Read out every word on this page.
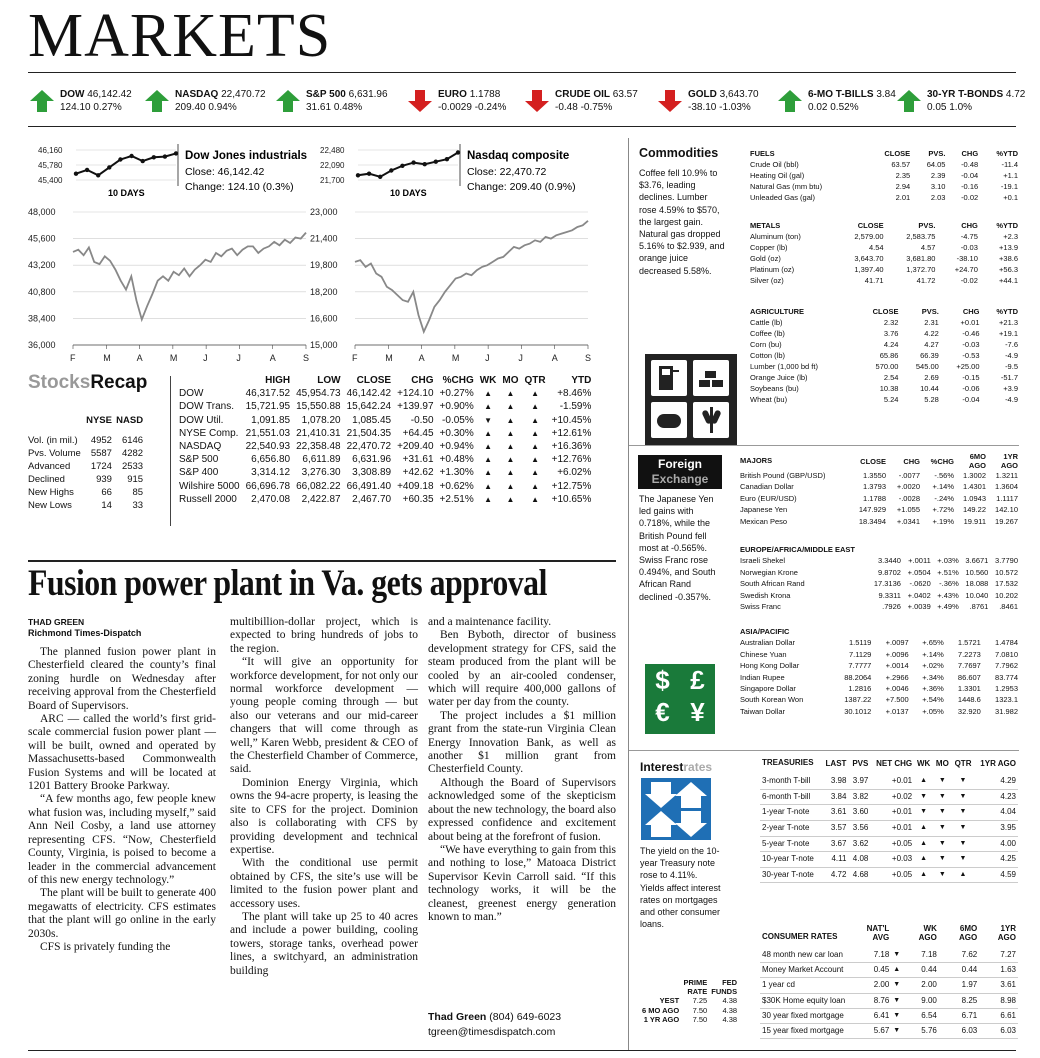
MARKETS
DOW 46,142.42
124.10 0.27%
NASDAQ 22,470.72
209.40 0.94%
S&P 500 6,631.96
31.61 0.48%
EURO 1.1788
-0.0029 -0.24%
CRUDE OIL 63.57
-0.48 -0.75%
GOLD 3,643.70
-38.10 -1.03%
6-MO T-BILLS 3.84
0.02 0.52%
30-YR T-BONDS 4.72
0.05 1.0%
48,000
45,600
43,200
40,800
38,400
36,000
F	M	A	M	J	J	A	S
46,160
45,780
45,400
10 DAYS
Dow Jones industrials
Close: 46,142.42
Change: 124.10 (0.3%)
23,000
21,400
19,800
18,200
16,600
15,000
F	M	A	M	J	J	A	S
22,480
22,090
21,700
10 DAYS
Nasdaq composite
Close: 22,470.72
Change: 209.40 (0.9%)
StocksRecap
	NYSE	NASD

Vol. (in mil.)	4952	6146
Pvs. Volume	5587	4282
Advanced	1724	2533
Declined	939	915
New Highs	66	85
New Lows	14	33
	HIGH	LOW	CLOSE	CHG	%CHG	WK	MO	QTR	YTD
DOW	46,317.52	45,954.73	46,142.42	+124.10	+0.27%	▲	▲	▲	+8.46%
DOW Trans.	15,721.95	15,550.88	15,642.24	+139.97	+0.90%	▲	▲	▲	-1.59%
DOW Util.	1,091.85	1,078.20	1,085.45	-0.50	-0.05%	▼	▲	▲	+10.45%
NYSE Comp.	21,551.03	21,410.31	21,504.35	+64.45	+0.30%	▲	▲	▲	+12.61%
NASDAQ	22,540.93	22,358.48	22,470.72	+209.40	+0.94%	▲	▲	▲	+16.36%
S&P 500	6,656.80	6,611.89	6,631.96	+31.61	+0.48%	▲	▲	▲	+12.76%
S&P 400	3,314.12	3,276.30	3,308.89	+42.62	+1.30%	▲	▲	▲	+6.02%
Wilshire 5000	66,696.78	66,082.22	66,491.40	+409.18	+0.62%	▲	▲	▲	+12.75%
Russell 2000	2,470.08	2,422.87	2,467.70	+60.35	+2.51%	▲	▲	▲	+10.65%
Fusion power plant in Va. gets approval
THAD GREEN
Richmond Times-Dispatch

The planned fusion power plant in Chesterfield cleared the county’s final zoning hurdle on Wednesday after receiving approval from the Chesterfield Board of Supervisors.

ARC — called the world’s first grid-scale commercial fusion power plant — will be built, owned and operated by Massachusetts-based Commonwealth Fusion Systems and will be located at 1201 Battery Brooke Parkway.

“A few months ago, few people knew what fusion was, including myself,” said Ann Neil Cosby, a land use attorney representing CFS. “Now, Chesterfield County, Virginia, is poised to become a leader in the commercial advancement of this new energy technology.”

The plant will be built to generate 400 megawatts of electricity. CFS estimates that the plant will go online in the early 2030s.

CFS is privately funding the

multibillion-dollar project, which is expected to bring hundreds of jobs to the region.

“It will give an opportunity for workforce development, for not only our normal workforce development — young people coming through — but also our veterans and our mid-career changers that will come through as well,” Karen Webb, president & CEO of the Chesterfield Chamber of Commerce, said.

Dominion Energy Virginia, which owns the 94-acre property, is leasing the site to CFS for the project. Dominion also is collaborating with CFS by providing development and technical expertise.

With the conditional use permit obtained by CFS, the site’s use will be limited to the fusion power plant and accessory uses.

The plant will take up 25 to 40 acres and include a power building, cooling towers, storage tanks, overhead power lines, a switchyard, an administration building

and a maintenance facility.

Ben Byboth, director of business development strategy for CFS, said the steam produced from the plant will be cooled by an air-cooled condenser, which will require 400,000 gallons of water per day from the county.

The project includes a $1 million grant from the state-run Virginia Clean Energy Innovation Bank, as well as another $1 million grant from Chesterfield County.

Although the Board of Supervisors acknowledged some of the skepticism about the new technology, the board also expressed confidence and excitement about being at the forefront of fusion.

“We have everything to gain from this and nothing to lose,” Matoaca District Supervisor Kevin Carroll said. “If this technology works, it will be the cleanest, greenest energy generation known to man.”

Thad Green (804) 649-6023
tgreen@timesdispatch.com
Commodities
Coffee fell 10.9% to $3.76, leading declines. Lumber rose 4.59% to $570, the largest gain. Natural gas dropped 5.16% to $2.939, and orange juice decreased 5.58%.
FUELS	CLOSE	PVS.	CHG	%YTD
Crude Oil (bbl)	63.57	64.05	-0.48	-11.4
Heating Oil (gal)	2.35	2.39	-0.04	+1.1
Natural Gas (mm btu)	2.94	3.10	-0.16	-19.1
Unleaded Gas (gal)	2.01	2.03	-0.02	+0.1
METALS	CLOSE	PVS.	CHG	%YTD
Aluminum (ton)	2,579.00	2,583.75	-4.75	+2.3
Copper (lb)	4.54	4.57	-0.03	+13.9
Gold (oz)	3,643.70	3,681.80	-38.10	+38.6
Platinum (oz)	1,397.40	1,372.70	+24.70	+56.3
Silver (oz)	41.71	41.72	-0.02	+44.1
AGRICULTURE	CLOSE	PVS.	CHG	%YTD
Cattle (lb)	2.32	2.31	+0.01	+21.3
Coffee (lb)	3.76	4.22	-0.46	+19.1
Corn (bu)	4.24	4.27	-0.03	-7.6
Cotton (lb)	65.86	66.39	-0.53	-4.9
Lumber (1,000 bd ft)	570.00	545.00	+25.00	-9.5
Orange Juice (lb)	2.54	2.69	-0.15	-51.7
Soybeans (bu)	10.38	10.44	-0.06	+3.9
Wheat (bu)	5.24	5.28	-0.04	-4.9
Foreign
Exchange
The Japanese Yen led gains with 0.718%, while the British Pound fell most at -0.565%. Swiss Franc rose 0.494%, and South African Rand declined -0.357%.
$ £
€ ¥
MAJORS	CLOSE	CHG	%CHG	6MO AGO	1YR AGO
British Pound (GBP/USD)	1.3550	-.0077	-.56%	1.3002	1.3211
Canadian Dollar	1.3793	+.0020	+.14%	1.4301	1.3604
Euro (EUR/USD)	1.1788	-.0028	-.24%	1.0943	1.1117
Japanese Yen	147.929	+1.055	+.72%	149.22	142.10
Mexican Peso	18.3494	+.0341	+.19%	19.911	19.267
EUROPE/AFRICA/MIDDLE EAST					
Israeli Shekel	3.3440	+.0011	+.03%	3.6671	3.7790
Norwegian Krone	9.8702	+.0504	+.51%	10.560	10.572
South African Rand	17.3136	-.0620	-.36%	18.088	17.532
Swedish Krona	9.3311	+.0402	+.43%	10.040	10.202
Swiss Franc	.7926	+.0039	+.49%	.8761	.8461
ASIA/PACIFIC					
Australian Dollar	1.5119	+.0097	+.65%	1.5721	1.4784
Chinese Yuan	7.1129	+.0096	+.14%	7.2273	7.0810
Hong Kong Dollar	7.7777	+.0014	+.02%	7.7697	7.7962
Indian Rupee	88.2064	+.2966	+.34%	86.607	83.774
Singapore Dollar	1.2816	+.0046	+.36%	1.3301	1.2953
South Korean Won	1387.22	+7.500	+.54%	1448.6	1323.1
Taiwan Dollar	30.1012	+.0137	+.05%	32.920	31.982
Interestrates
The yield on the 10-year Treasury note rose to 4.11%. Yields affect interest rates on mortgages and other consumer loans.
	PRIME RATE	FED FUNDS
YEST	7.25	4.38
6 MO AGO	7.50	4.38
1 YR AGO	7.50	4.38
TREASURIES	LAST	PVS	NET CHG	WK	MO	QTR	1YR AGO

3-month T-bill	3.98	3.97	+0.01	▲	▼	▼	4.29
6-month T-bill	3.84	3.82	+0.02	▼	▼	▼	4.23
1-year T-note	3.61	3.60	+0.01	▼	▼	▼	4.04
2-year T-note	3.57	3.56	+0.01	▲	▼	▼	3.95
5-year T-note	3.67	3.62	+0.05	▲	▼	▼	4.00
10-year T-note	4.11	4.08	+0.03	▲	▼	▼	4.25
30-year T-note	4.72	4.68	+0.05	▲	▼	▲	4.59
CONSUMER RATES	NAT'L AVG		WK AGO	6MO AGO	1YR AGO

48 month new car loan	7.18	▼	7.18	7.62	7.27
Money Market Account	0.45	▲	0.44	0.44	1.63
1 year cd	2.00	▼	2.00	1.97	3.61
$30K Home equity loan	8.76	▼	9.00	8.25	8.98
30 year fixed mortgage	6.41	▼	6.54	6.71	6.61
15 year fixed mortgage	5.67	▼	5.76	6.03	6.03
